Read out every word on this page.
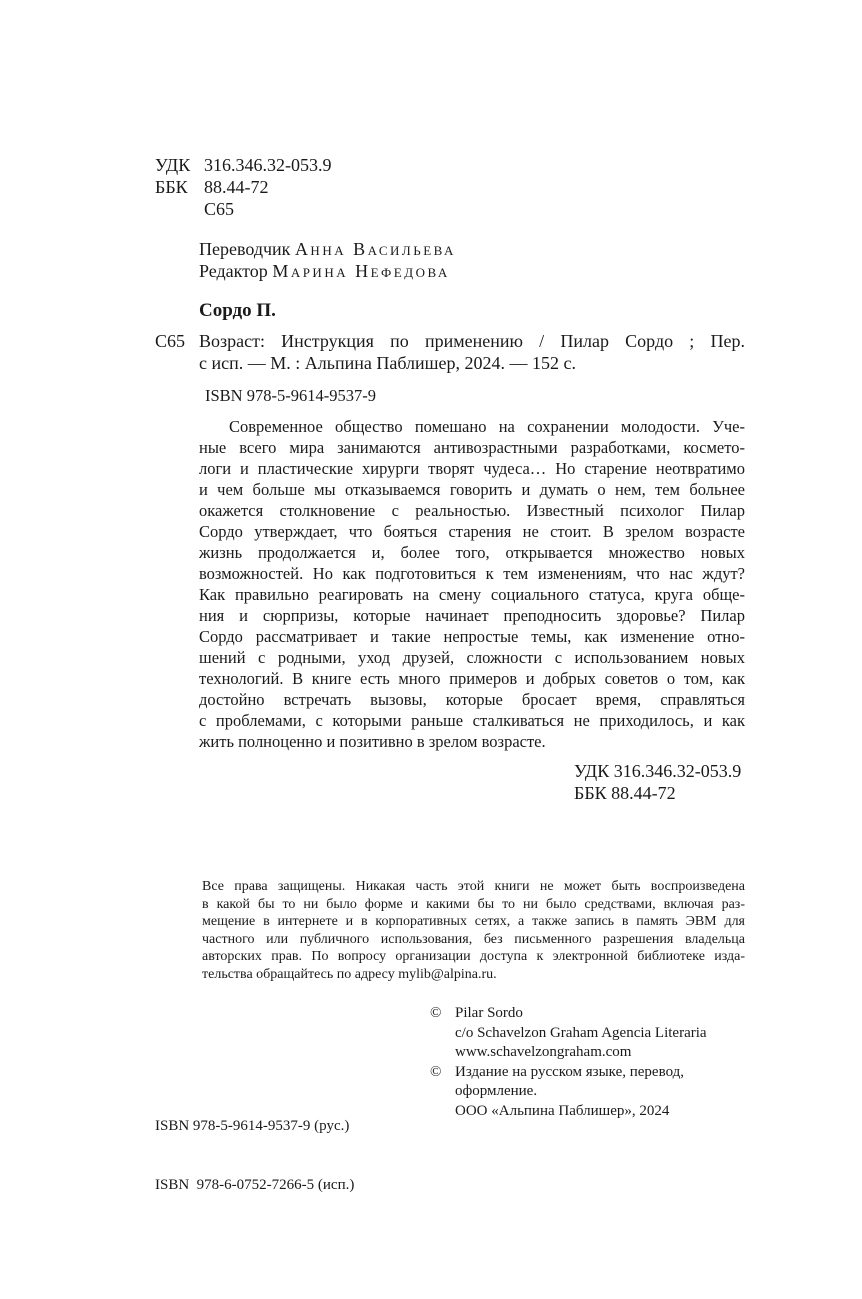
УДК 316.346.32-053.9
ББК 88.44-72
С65
Переводчик Анна Васильева
Редактор Марина Нефедова
Сордо П.
С65 Возраст: Инструкция по применению / Пилар Сордо ; Пер.
с исп. — М. : Альпина Паблишер, 2024. — 152 с.
ISBN 978-5-9614-9537-9
Современное общество помешано на сохранении молодости. Уче-
ные всего мира занимаются антивозрастными разработками, космето-
логи и пластические хирурги творят чудеса… Но старение неотвратимо
и чем больше мы отказываемся говорить и думать о нем, тем больнее
окажется столкновение с реальностью. Известный психолог Пилар
Сордо утверждает, что бояться старения не стоит. В зрелом возрасте
жизнь продолжается и, более того, открывается множество новых
возможностей. Но как подготовиться к тем изменениям, что нас ждут?
Как правильно реагировать на смену социального статуса, круга обще-
ния и сюрпризы, которые начинает преподносить здоровье? Пилар
Сордо рассматривает и такие непростые темы, как изменение отно-
шений с родными, уход друзей, сложности с использованием новых
технологий. В книге есть много примеров и добрых советов о том, как
достойно встречать вызовы, которые бросает время, справляться
с проблемами, с которыми раньше сталкиваться не приходилось, и как
жить полноценно и позитивно в зрелом возрасте.
УДК 316.346.32-053.9
ББК 88.44-72
Все права защищены. Никакая часть этой книги не может быть воспроизведена
в какой бы то ни было форме и какими бы то ни было средствами, включая раз-
мещение в интернете и в корпоративных сетях, а также запись в память ЭВМ для
частного или публичного использования, без письменного разрешения владельца
авторских прав. По вопросу организации доступа к электронной библиотеке изда-
тельства обращайтесь по адресу mylib@alpina.ru.
© Pilar Sordo
c/o Schavelzon Graham Agencia Literaria
www.schavelzongraham.com
© Издание на русском языке, перевод,
оформление.
ООО «Альпина Паблишер», 2024

ISBN 978-5-9614-9537-9 (рус.)

ISBN  978-6-0752-7266-5 (исп.)
